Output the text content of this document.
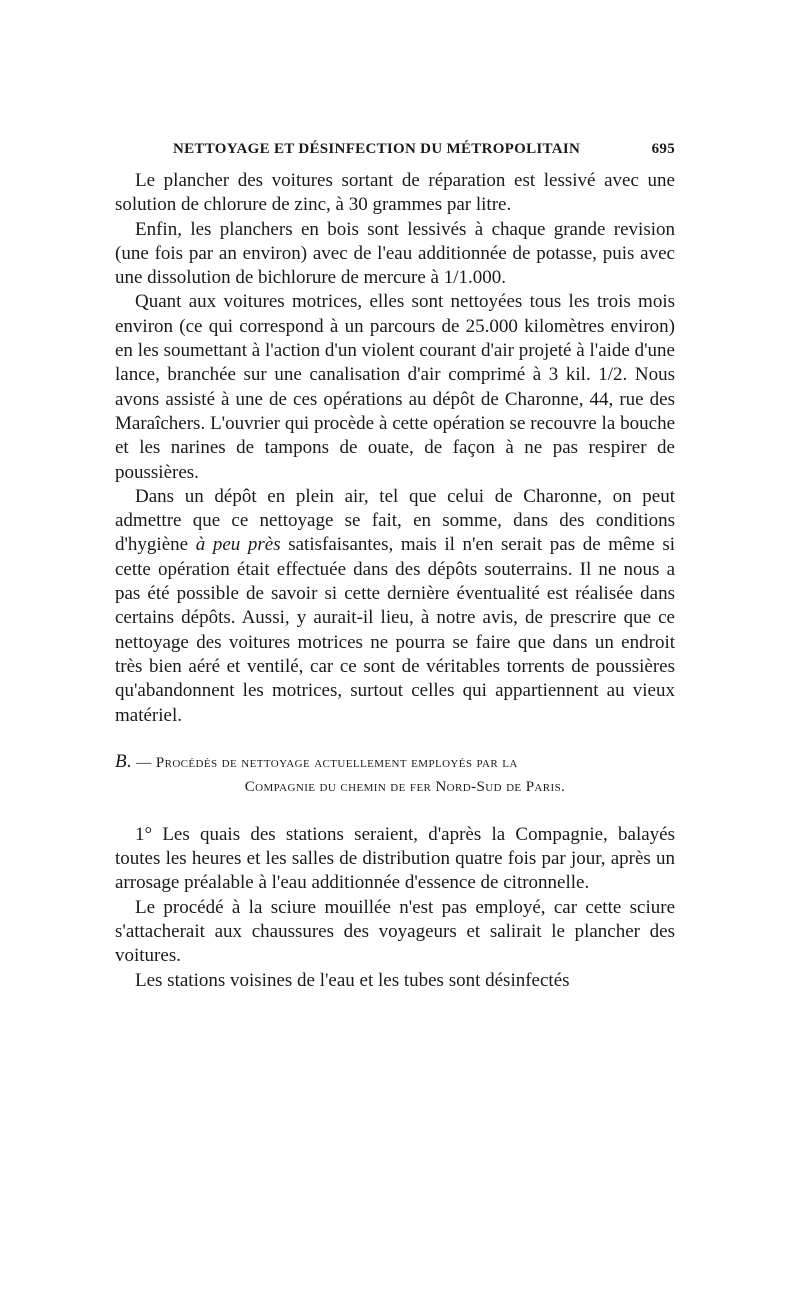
NETTOYAGE ET DÉSINFECTION DU MÉTROPOLITAIN	695

Le plancher des voitures sortant de réparation est lessivé avec une solution de chlorure de zinc, à 30 grammes par litre.

Enfin, les planchers en bois sont lessivés à chaque grande revision (une fois par an environ) avec de l'eau additionnée de potasse, puis avec une dissolution de bichlorure de mercure à 1/1.000.

Quant aux voitures motrices, elles sont nettoyées tous les trois mois environ (ce qui correspond à un parcours de 25.000 kilomètres environ) en les soumettant à l'action d'un violent courant d'air projeté à l'aide d'une lance, branchée sur une canalisation d'air comprimé à 3 kil. 1/2. Nous avons assisté à une de ces opérations au dépôt de Charonne, 44, rue des Maraîchers. L'ouvrier qui procède à cette opération se recouvre la bouche et les narines de tampons de ouate, de façon à ne pas respirer de poussières.

Dans un dépôt en plein air, tel que celui de Charonne, on peut admettre que ce nettoyage se fait, en somme, dans des conditions d'hygiène à peu près satisfaisantes, mais il n'en serait pas de même si cette opération était effectuée dans des dépôts souterrains. Il ne nous a pas été possible de savoir si cette dernière éventualité est réalisée dans certains dépôts. Aussi, y aurait-il lieu, à notre avis, de prescrire que ce nettoyage des voitures motrices ne pourra se faire que dans un endroit très bien aéré et ventilé, car ce sont de véritables torrents de poussières qu'abandonnent les motrices, surtout celles qui appartiennent au vieux matériel.

B. — Procédés de nettoyage actuellement employés par la
Compagnie du chemin de fer Nord-Sud de Paris.

1° Les quais des stations seraient, d'après la Compagnie, balayés toutes les heures et les salles de distribution quatre fois par jour, après un arrosage préalable à l'eau additionnée d'essence de citronnelle.

Le procédé à la sciure mouillée n'est pas employé, car cette sciure s'attacherait aux chaussures des voyageurs et salirait le plancher des voitures.

Les stations voisines de l'eau et les tubes sont désinfectés
